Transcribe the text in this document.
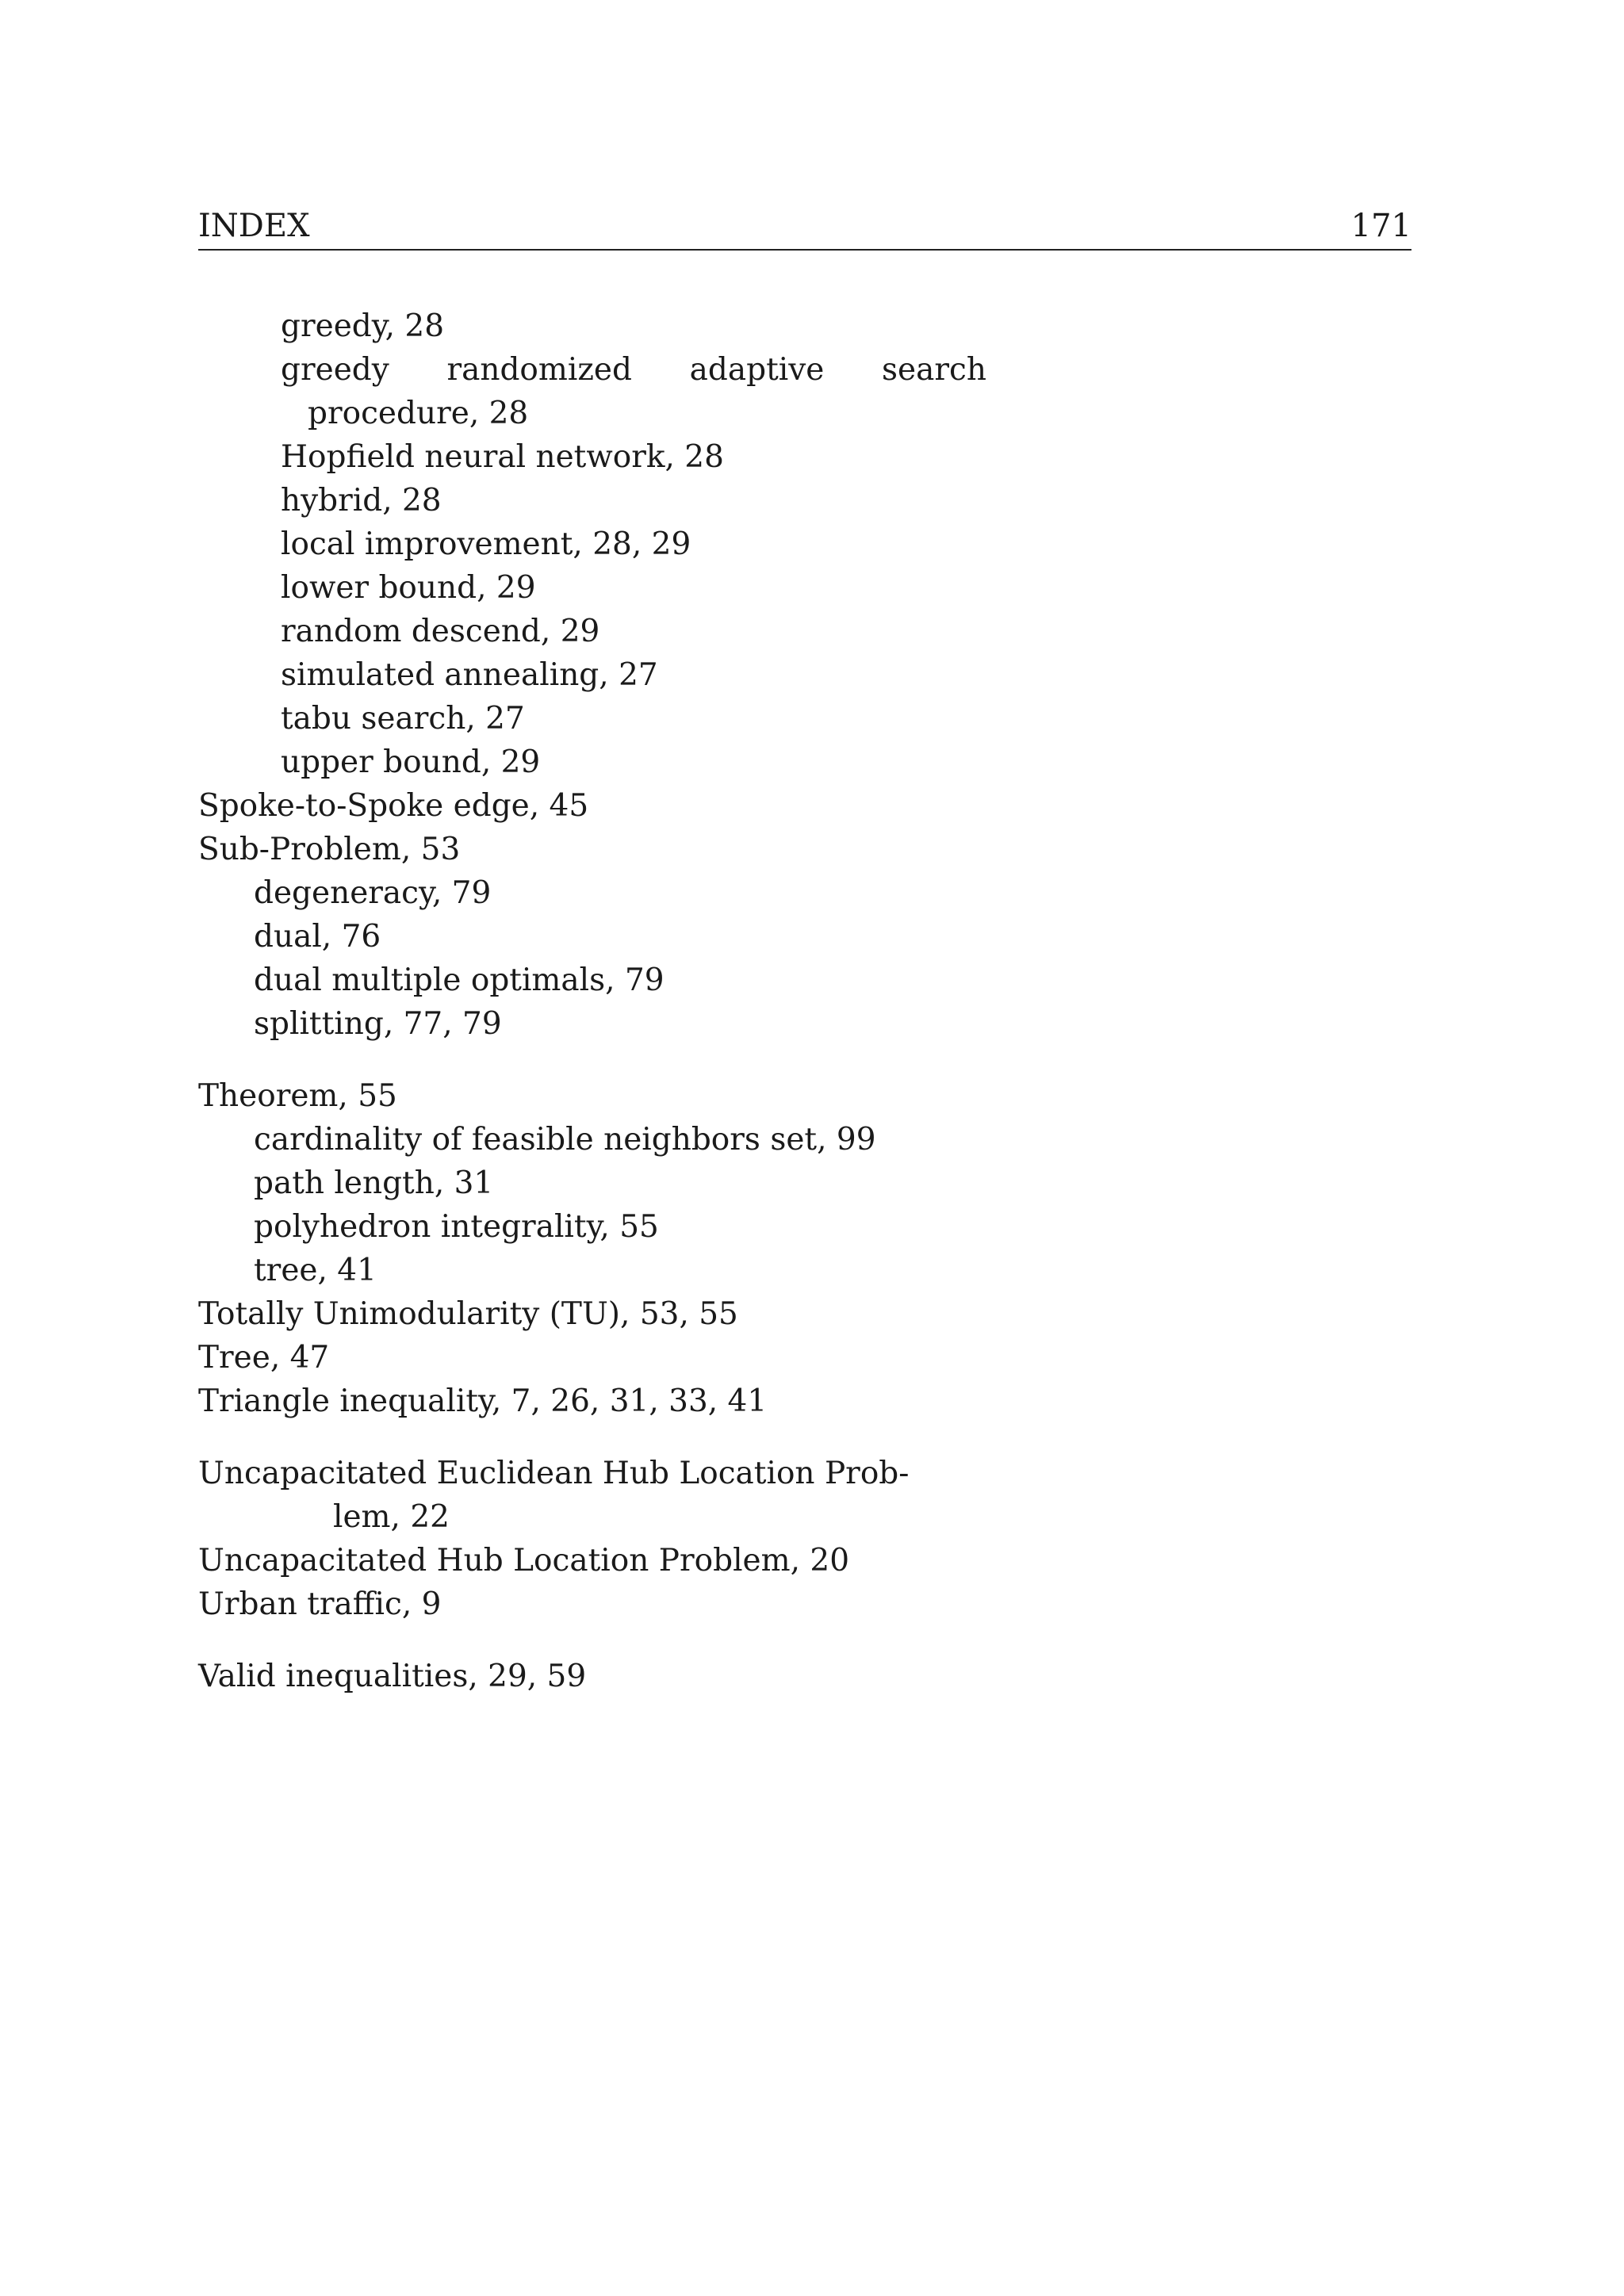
INDEX	171
greedy, 28
greedy randomized adaptive search
procedure, 28
Hopfield neural network, 28
hybrid, 28
local improvement, 28, 29
lower bound, 29
random descend, 29
simulated annealing, 27
tabu search, 27
upper bound, 29
Spoke-to-Spoke edge, 45
Sub-Problem, 53
degeneracy, 79
dual, 76
dual multiple optimals, 79
splitting, 77, 79
Theorem, 55
cardinality of feasible neighbors set, 99
path length, 31
polyhedron integrality, 55
tree, 41
Totally Unimodularity (TU), 53, 55
Tree, 47
Triangle inequality, 7, 26, 31, 33, 41
Uncapacitated Euclidean Hub Location Prob-
lem, 22
Uncapacitated Hub Location Problem, 20
Urban traffic, 9
Valid inequalities, 29, 59
